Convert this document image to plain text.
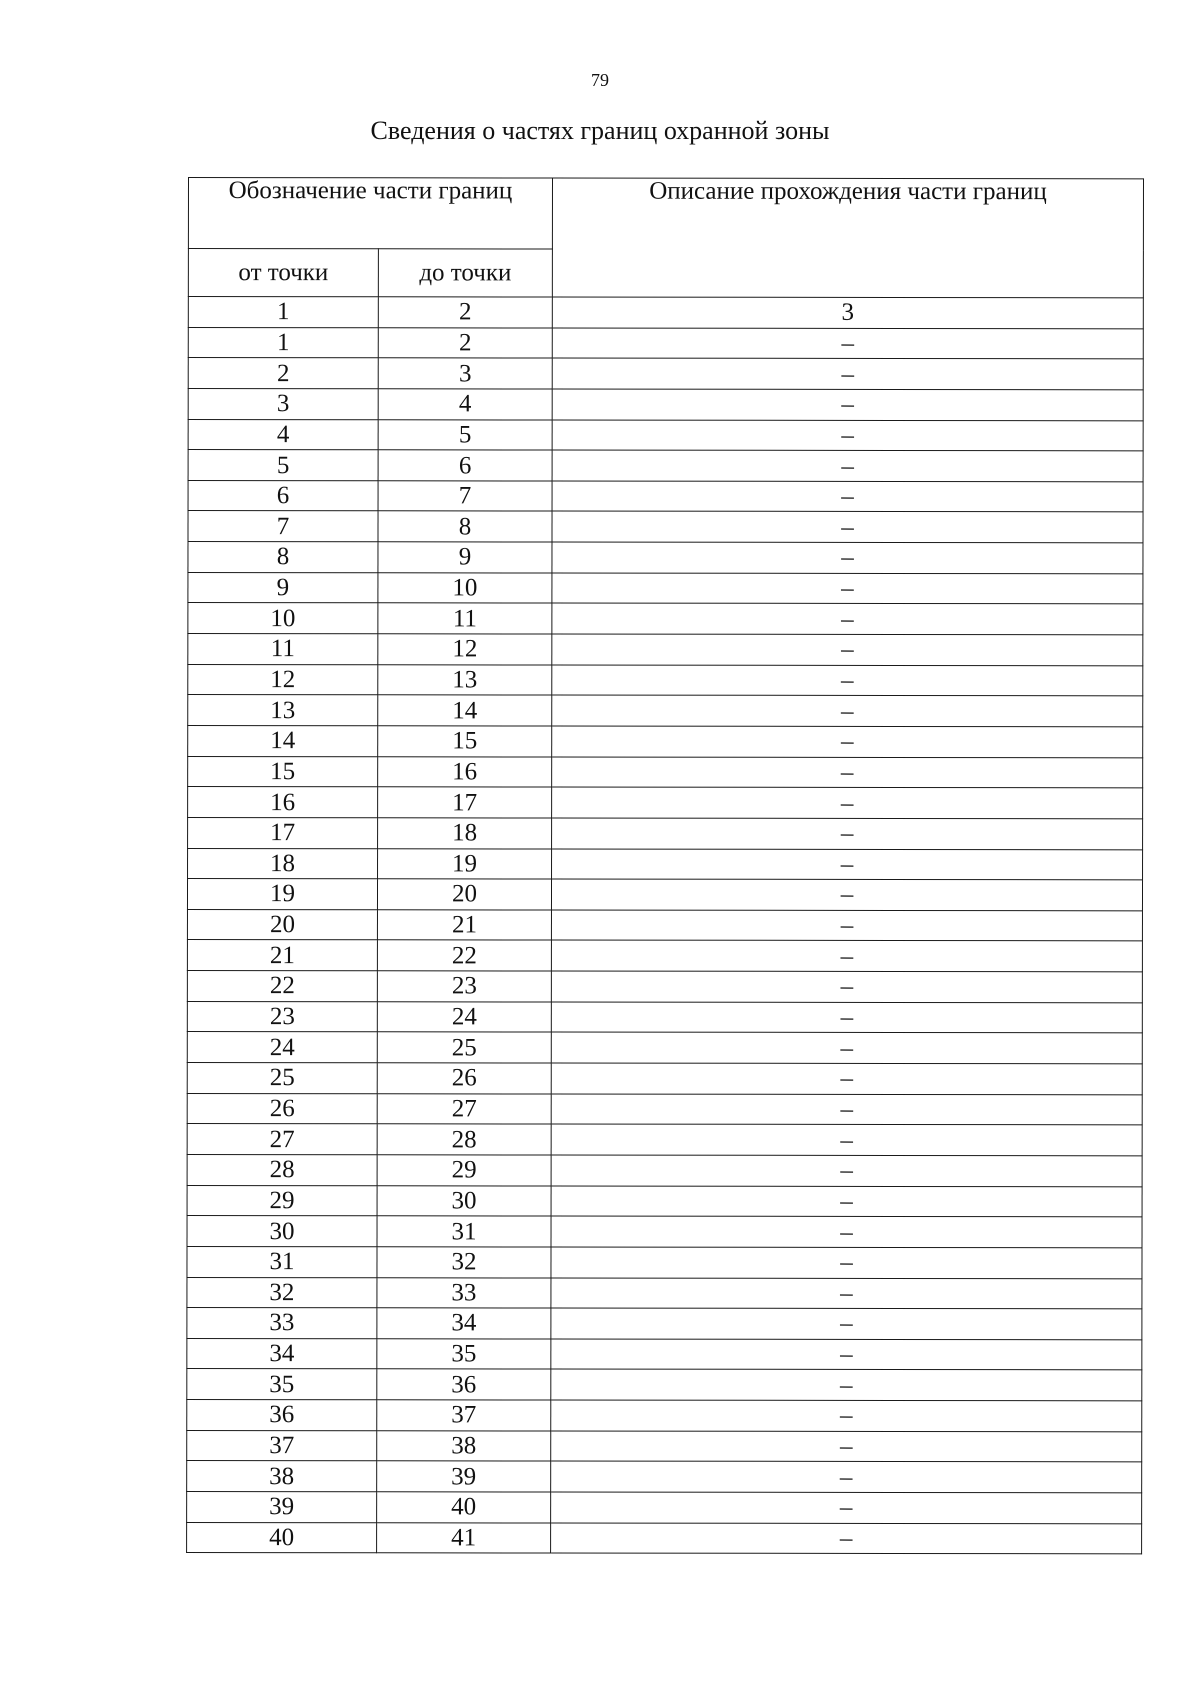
79
Сведения о частях границ охранной зоны
Обозначение части границ		Описание прохождения части границ
от точки	до точки	
1	2	3
1	2	–
2	3	–
3	4	–
4	5	–
5	6	–
6	7	–
7	8	–
8	9	–
9	10	–
10	11	–
11	12	–
12	13	–
13	14	–
14	15	–
15	16	–
16	17	–
17	18	–
18	19	–
19	20	–
20	21	–
21	22	–
22	23	–
23	24	–
24	25	–
25	26	–
26	27	–
27	28	–
28	29	–
29	30	–
30	31	–
31	32	–
32	33	–
33	34	–
34	35	–
35	36	–
36	37	–
37	38	–
38	39	–
39	40	–
40	41	–
